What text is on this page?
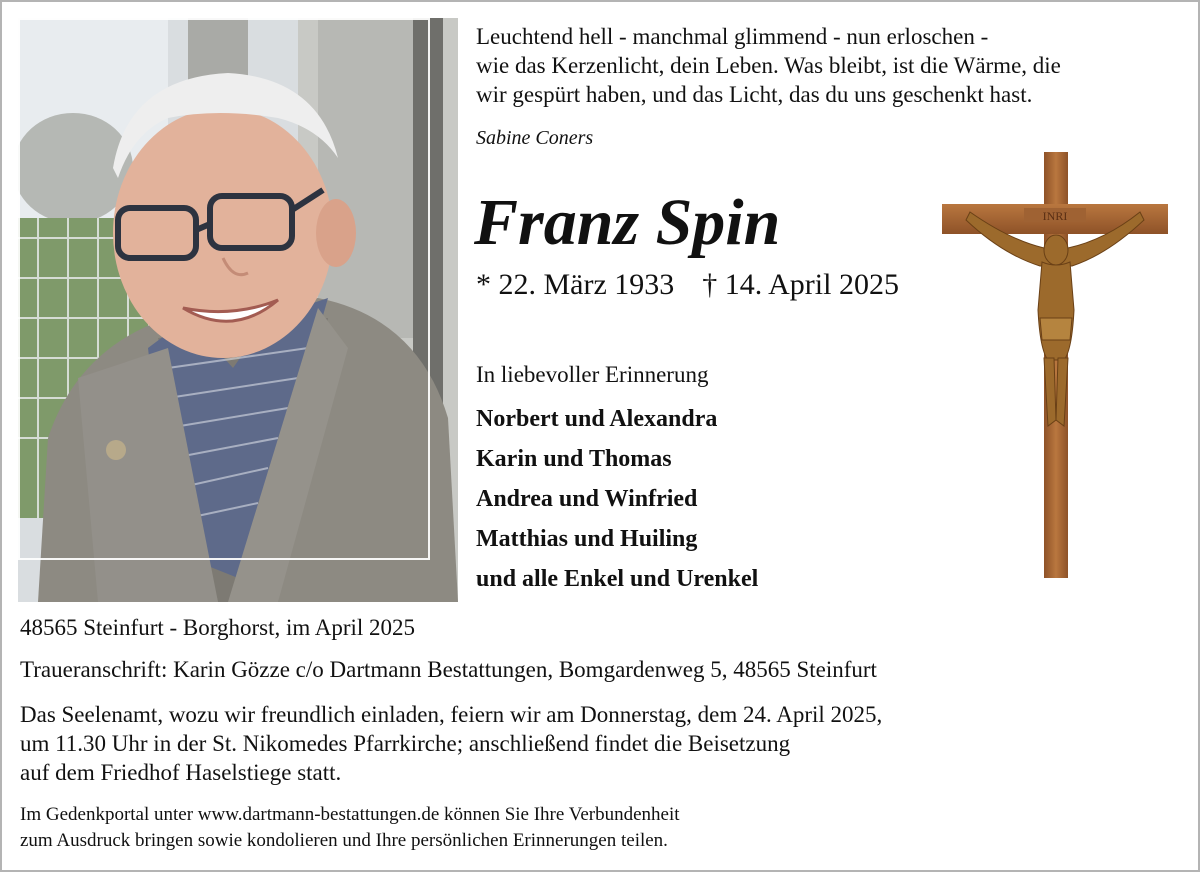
Leuchtend hell - manchmal glimmend - nun erloschen -
wie das Kerzenlicht, dein Leben. Was bleibt, ist die Wärme, die
wir gespürt haben, und das Licht, das du uns geschenkt hast.
Sabine Coners
Franz Spin
* 22. März 1933 † 14. April 2025
INRI
In liebevoller Erinnerung
Norbert und Alexandra
Karin und Thomas
Andrea und Winfried
Matthias und Huiling
und alle Enkel und Urenkel
48565 Steinfurt - Borghorst, im April 2025
Traueranschrift: Karin Gözze c/o Dartmann Bestattungen, Bomgardenweg 5, 48565 Steinfurt
Das Seelenamt, wozu wir freundlich einladen, feiern wir am Donnerstag, dem 24. April 2025,
um 11.30 Uhr in der St. Nikomedes Pfarrkirche; anschließend findet die Beisetzung
auf dem Friedhof Haselstiege statt.
Im Gedenkportal unter www.dartmann-bestattungen.de können Sie Ihre Verbundenheit
zum Ausdruck bringen sowie kondolieren und Ihre persönlichen Erinnerungen teilen.
